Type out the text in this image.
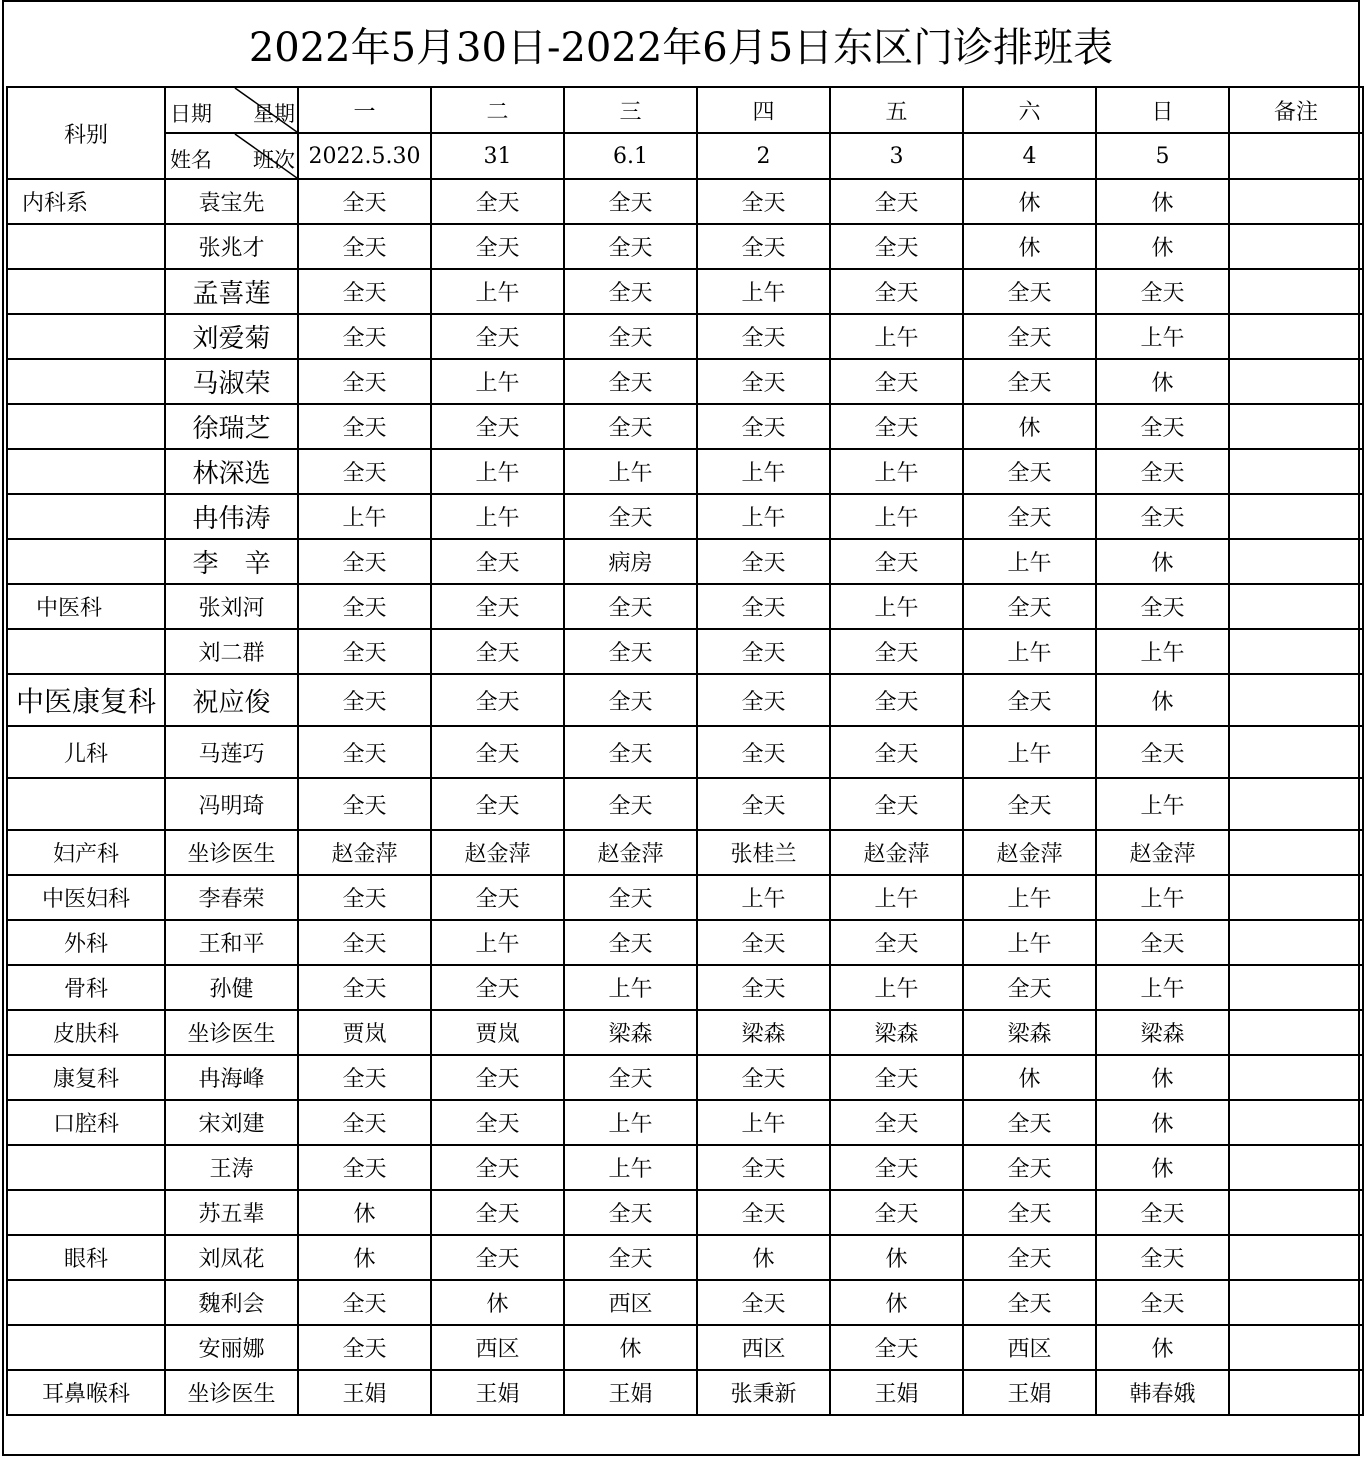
2022年5月30日-2022年6月5日东区门诊排班表
科别	日期 星期	一	二	三	四	五	六	日	备注

	姓名 班次	2022.5.30	31	6.1	2	3	4	5	
内科系	袁宝先	全天	全天	全天	全天	全天	休	休	
	张兆才	全天	全天	全天	全天	全天	休	休	
	孟喜莲	全天	上午	全天	上午	全天	全天	全天	
	刘爱菊	全天	全天	全天	全天	上午	全天	上午	
	马淑荣	全天	上午	全天	全天	全天	全天	休	
	徐瑞芝	全天	全天	全天	全天	全天	休	全天	
	林深选	全天	上午	上午	上午	上午	全天	全天	
	冉伟涛	上午	上午	全天	上午	上午	全天	全天	
	李　辛	全天	全天	病房	全天	全天	上午	休	
中医科	张刘河	全天	全天	全天	全天	上午	全天	全天	
	刘二群	全天	全天	全天	全天	全天	上午	上午	
中医康复科	祝应俊	全天	全天	全天	全天	全天	全天	休	
儿科	马莲巧	全天	全天	全天	全天	全天	上午	全天	
	冯明琦	全天	全天	全天	全天	全天	全天	上午	
妇产科	坐诊医生	赵金萍	赵金萍	赵金萍	张桂兰	赵金萍	赵金萍	赵金萍	
中医妇科	李春荣	全天	全天	全天	上午	上午	上午	上午	
外科	王和平	全天	上午	全天	全天	全天	上午	全天	
骨科	孙健	全天	全天	上午	全天	上午	全天	上午	
皮肤科	坐诊医生	贾岚	贾岚	梁森	梁森	梁森	梁森	梁森	
康复科	冉海峰	全天	全天	全天	全天	全天	休	休	
口腔科	宋刘建	全天	全天	上午	上午	全天	全天	休	
	王涛	全天	全天	上午	全天	全天	全天	休	
	苏五辈	休	全天	全天	全天	全天	全天	全天	
眼科	刘凤花	休	全天	全天	休	休	全天	全天	
	魏利会	全天	休	西区	全天	休	全天	全天	
	安丽娜	全天	西区	休	西区	全天	西区	休	
耳鼻喉科	坐诊医生	王娟	王娟	王娟	张秉新	王娟	王娟	韩春娥	
